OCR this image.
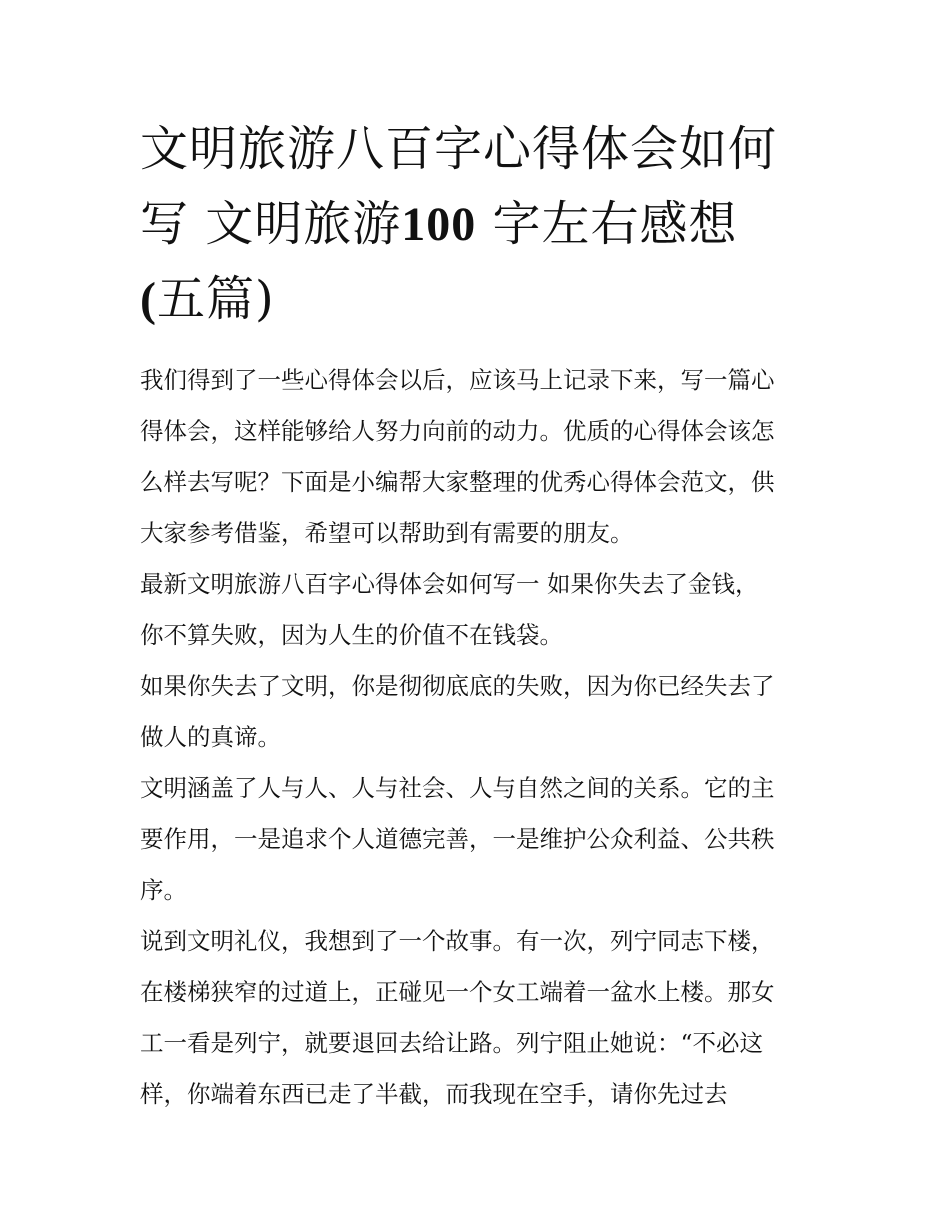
文明旅游八百字心得体会如何
写 文明旅游100 字左右感想
(五篇)

我们得到了一些心得体会以后，应该马上记录下来，写一篇心
得体会，这样能够给人努力向前的动力。优质的心得体会该怎
么样去写呢？下面是小编帮大家整理的优秀心得体会范文，供
大家参考借鉴，希望可以帮助到有需要的朋友。

最新文明旅游八百字心得体会如何写一 如果你失去了金钱，
你不算失败，因为人生的价值不在钱袋。

如果你失去了文明，你是彻彻底底的失败，因为你已经失去了
做人的真谛。

文明涵盖了人与人、人与社会、人与自然之间的关系。它的主
要作用，一是追求个人道德完善，一是维护公众利益、公共秩
序。

说到文明礼仪，我想到了一个故事。有一次，列宁同志下楼，
在楼梯狭窄的过道上，正碰见一个女工端着一盆水上楼。那女
工一看是列宁，就要退回去给让路。列宁阻止她说：“不必这
样，你端着东西已走了半截，而我现在空手，请你先过去
